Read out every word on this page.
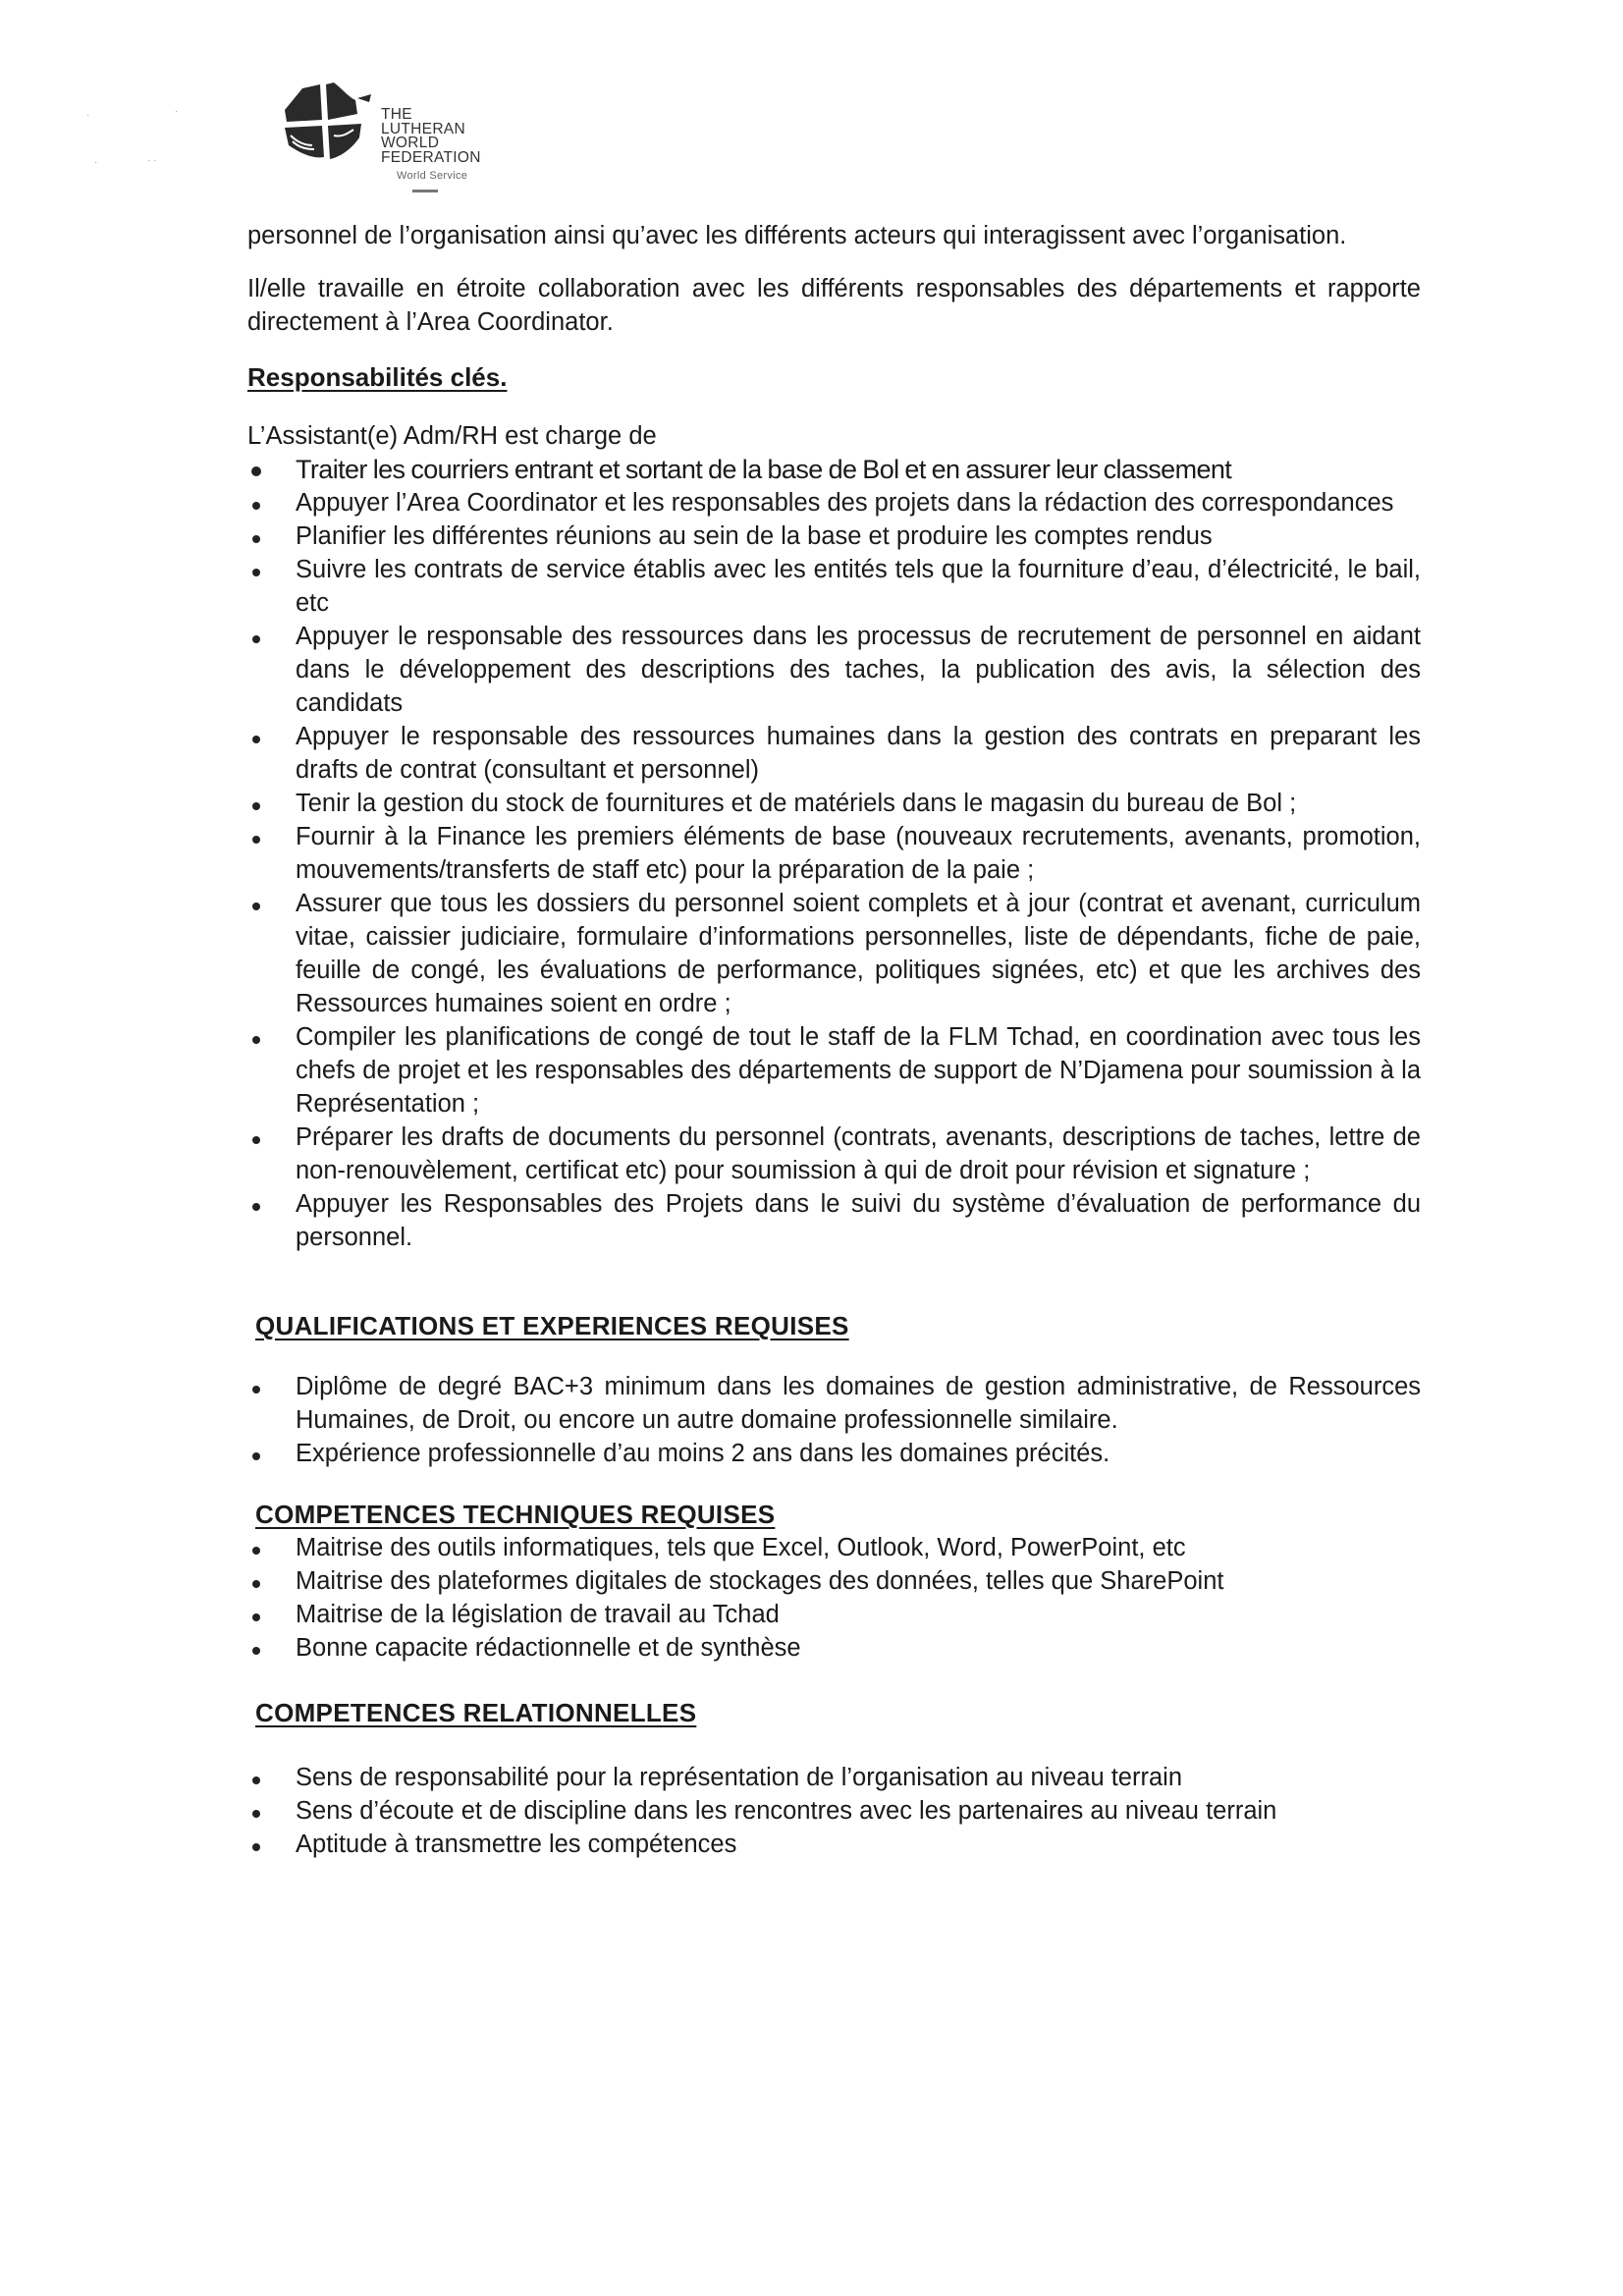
·	·
·	· ·
THE
LUTHERAN
WORLD
FEDERATION
World Service

personnel de l’organisation ainsi qu’avec les différents acteurs qui interagissent avec l’organisation.

Il/elle travaille en étroite collaboration avec les différents responsables des départements et rapporte directement à l’Area Coordinator.

Responsabilités clés.

L’Assistant(e) Adm/RH est charge de

Traiter les courriers entrant et sortant de la base de Bol et en assurer leur classement
Appuyer l’Area Coordinator et les responsables des projets dans la rédaction des correspondances
Planifier les différentes réunions au sein de la base et produire les comptes rendus
Suivre les contrats de service établis avec les entités tels que la fourniture d’eau, d’électricité, le bail, etc
Appuyer le responsable des ressources dans les processus de recrutement de personnel en aidant dans le développement des descriptions des taches, la publication des avis, la sélection des candidats
Appuyer le responsable des ressources humaines dans la gestion des contrats en preparant les drafts de contrat (consultant et personnel)
Tenir la gestion du stock de fournitures et de matériels dans le magasin du bureau de Bol ;
Fournir à la Finance les premiers éléments de base (nouveaux recrutements, avenants, promotion, mouvements/transferts de staff etc) pour la préparation de la paie ;
Assurer que tous les dossiers du personnel soient complets et à jour (contrat et avenant, curriculum vitae, caissier judiciaire, formulaire d’informations personnelles, liste de dépendants, fiche de paie, feuille de congé, les évaluations de performance, politiques signées, etc) et que les archives des Ressources humaines soient en ordre ;
Compiler les planifications de congé de tout le staff de la FLM Tchad, en coordination avec tous les chefs de projet et les responsables des départements de support de N’Djamena pour soumission à la Représentation ;
Préparer les drafts de documents du personnel (contrats, avenants, descriptions de taches, lettre de non-renouvèlement, certificat etc) pour soumission à qui de droit pour révision et signature ;
Appuyer les Responsables des Projets dans le suivi du système d’évaluation de performance du personnel.

QUALIFICATIONS ET EXPERIENCES REQUISES

Diplôme de degré BAC+3 minimum dans les domaines de gestion administrative, de Ressources Humaines, de Droit, ou encore un autre domaine professionnelle similaire.
Expérience professionnelle d’au moins 2 ans dans les domaines précités.

COMPETENCES TECHNIQUES REQUISES

Maitrise des outils informatiques, tels que Excel, Outlook, Word, PowerPoint, etc
Maitrise des plateformes digitales de stockages des données, telles que SharePoint
Maitrise de la législation de travail au Tchad
Bonne capacite rédactionnelle et de synthèse

COMPETENCES RELATIONNELLES

Sens de responsabilité pour la représentation de l’organisation au niveau terrain
Sens d’écoute et de discipline dans les rencontres avec les partenaires au niveau terrain
Aptitude à transmettre les compétences
